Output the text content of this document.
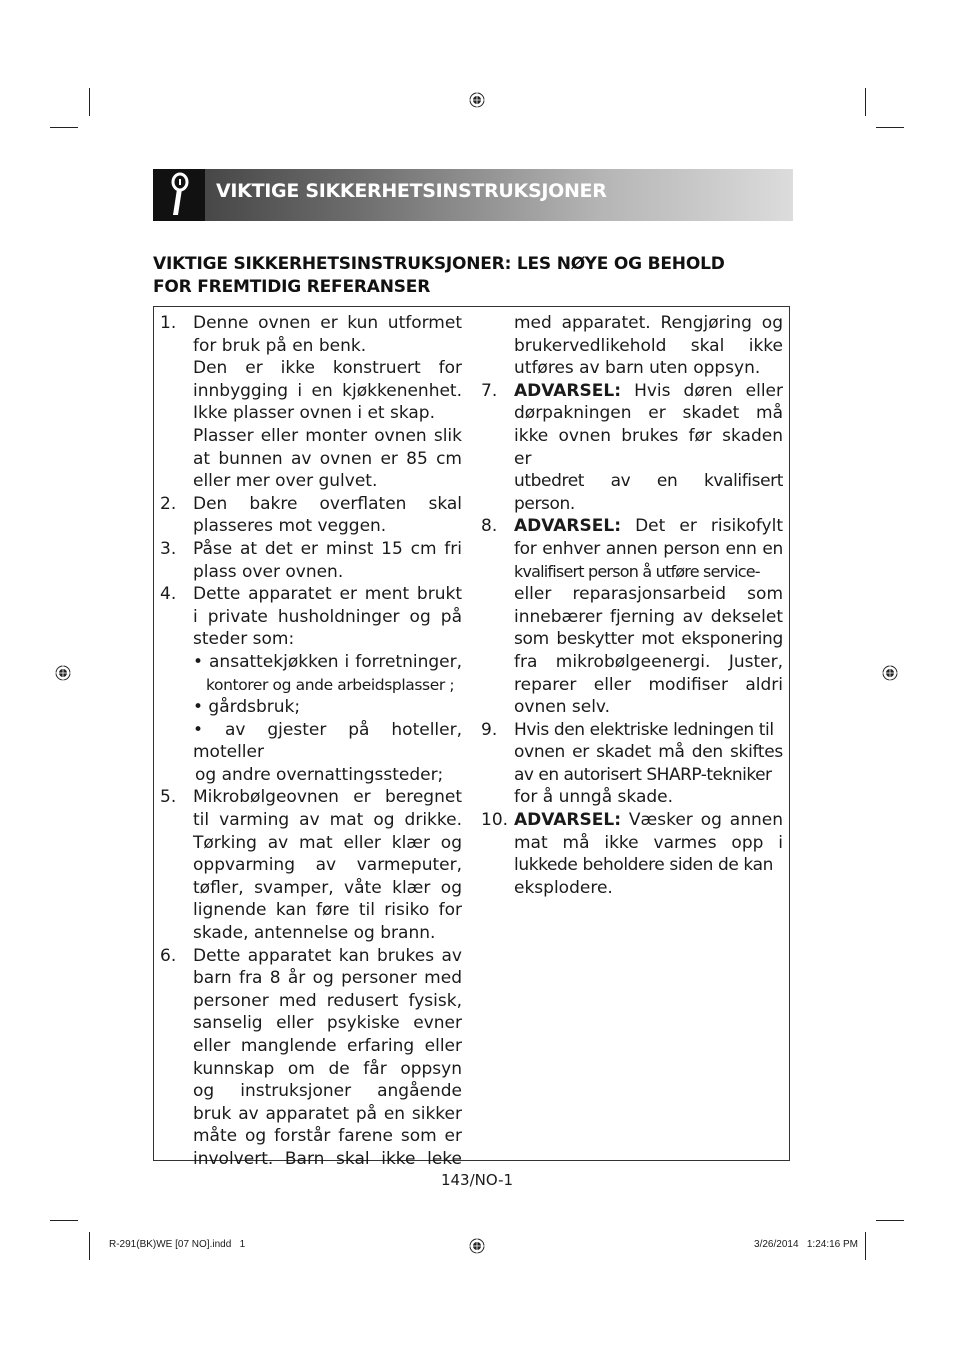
VIKTIGE SIKKERHETSINSTRUKSJONER
VIKTIGE SIKKERHETSINSTRUKSJONER: LES NØYE OG BEHOLD
FOR FREMTIDIG REFERANSER
1. Denne ovnen er kun utformet
for bruk på en benk.
Den er ikke konstruert for
innbygging i en kjøkkenenhet.
Ikke plasser ovnen i et skap.
Plasser eller monter ovnen slik
at bunnen av ovnen er 85 cm
eller mer over gulvet.
2. Den bakre overflaten skal
plasseres mot veggen.
3. Påse at det er minst 15 cm fri
plass over ovnen.
4. Dette apparatet er ment brukt
i private husholdninger og på
steder som:
• ansattekjøkken i forretninger,
kontorer og ande arbeidsplasser ;
• gårdsbruk;
• av gjester på hoteller, moteller
og andre overnattingssteder;
5. Mikrobølgeovnen er beregnet
til varming av mat og drikke.
Tørking av mat eller klær og
oppvarming av varmeputer,
tøfler, svamper, våte klær og
lignende kan føre til risiko for
skade, antennelse og brann.
6. Dette apparatet kan brukes av
barn fra 8 år og personer med
personer med redusert fysisk,
sanselig eller psykiske evner
eller manglende erfaring eller
kunnskap om de får oppsyn
og instruksjoner angående
bruk av apparatet på en sikker
måte og forstår farene som er
involvert. Barn skal ikke leke
med apparatet. Rengjøring og
brukervedlikehold skal ikke
utføres av barn uten oppsyn.
7. ADVARSEL: Hvis døren eller
dørpakningen er skadet må
ikke ovnen brukes før skaden er
utbedret av en kvalifisert person.
8. ADVARSEL: Det er risikofylt
for enhver annen person enn en
kvalifisert person å utføre service-
eller reparasjonsarbeid som
innebærer fjerning av dekselet
som beskytter mot eksponering
fra mikrobølgeenergi. Juster,
reparer eller modifiser aldri
ovnen selv.
9. Hvis den elektriske ledningen til
ovnen er skadet må den skiftes
av en autorisert SHARP-tekniker
for å unngå skade.
10. ADVARSEL: Væsker og annen
mat må ikke varmes opp i
lukkede beholdere siden de kan
eksplodere.
143/NO-1
R-291(BK)WE [07 NO].indd   1	3/26/2014   1:24:16 PM
